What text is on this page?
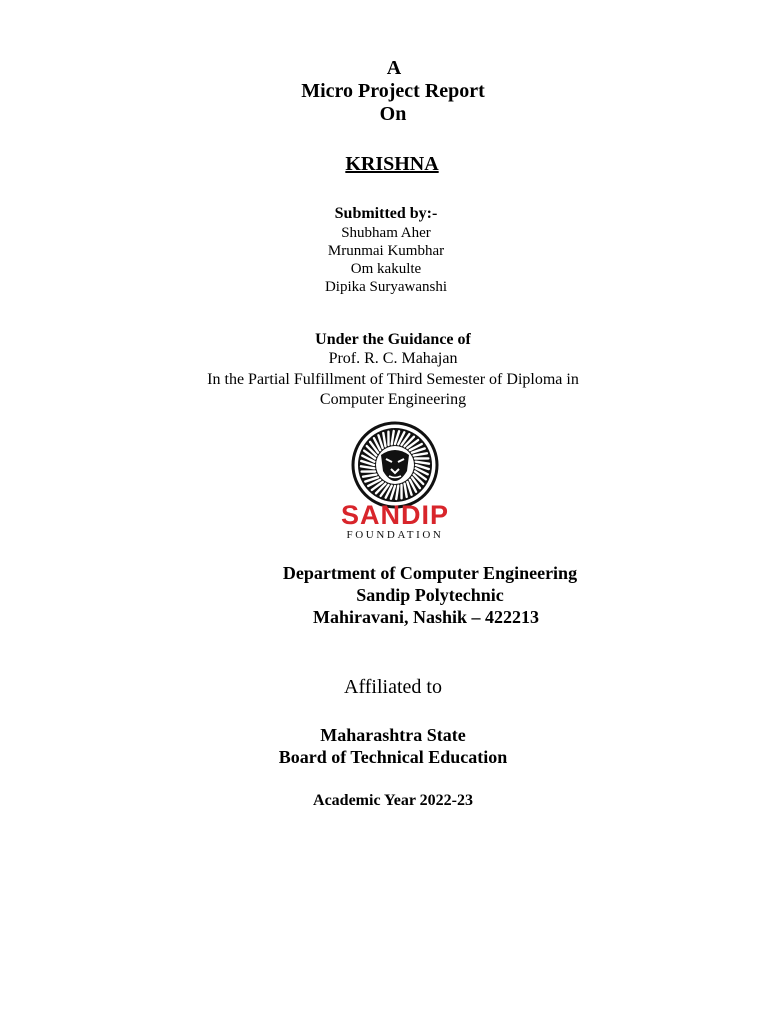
A
Micro Project Report
On
KRISHNA
Submitted by:-
Shubham Aher
Mrunmai Kumbhar
Om kakulte
Dipika Suryawanshi
Under the Guidance of
Prof. R. C. Mahajan
In the Partial Fulfillment of Third Semester of Diploma in
Computer Engineering
SANDIP
FOUNDATION
Department of Computer Engineering
Sandip Polytechnic
Mahiravani, Nashik – 422213
Affiliated to
Maharashtra State
Board of Technical Education
Academic Year 2022-23
